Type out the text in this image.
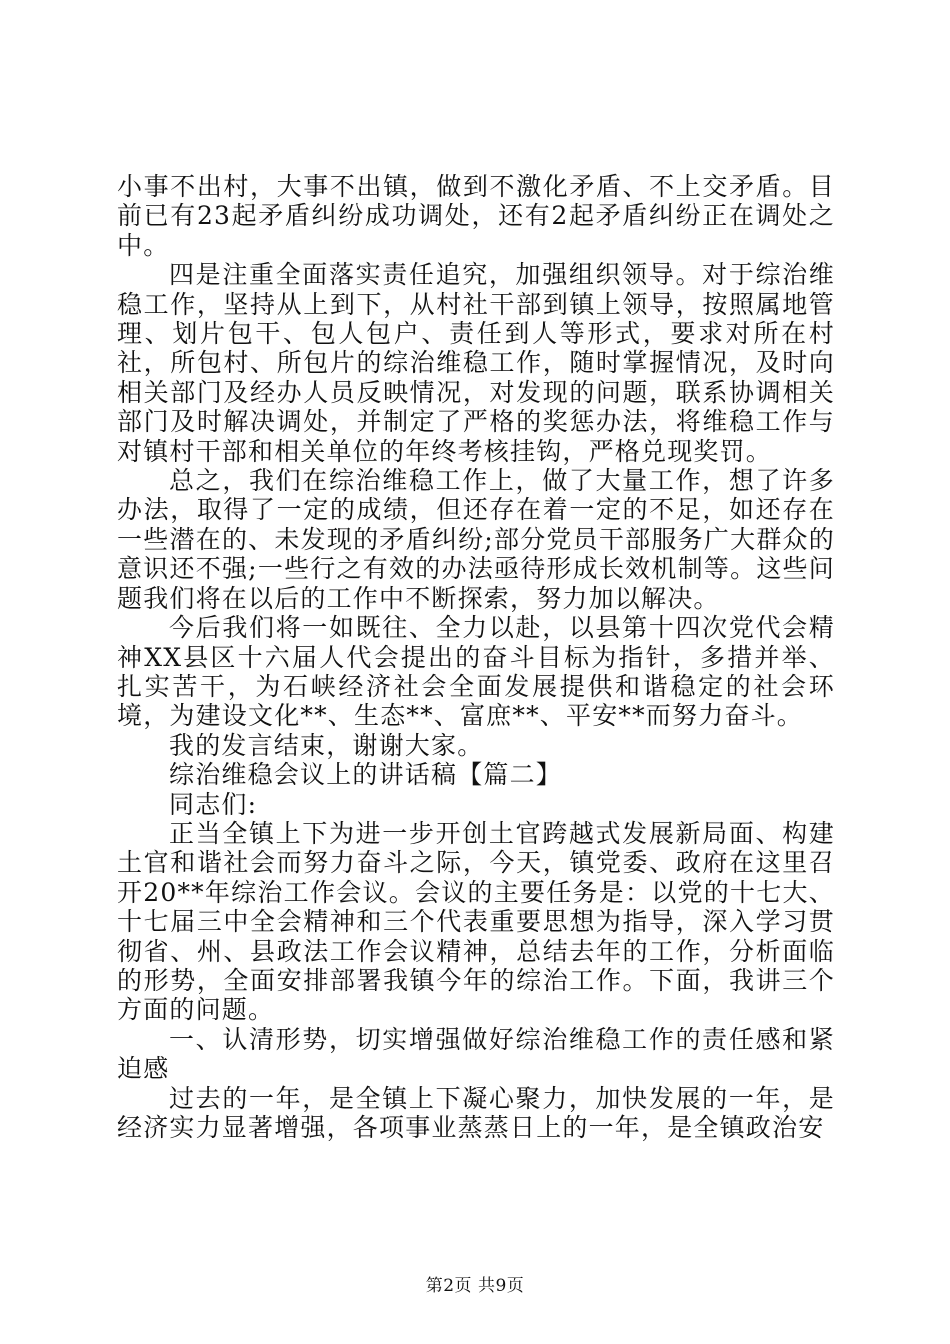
小事不出村，大事不出镇，做到不激化矛盾、不上交矛盾。目前已有23起矛盾纠纷成功调处，还有2起矛盾纠纷正在调处之中。

四是注重全面落实责任追究，加强组织领导。对于综治维稳工作，坚持从上到下，从村社干部到镇上领导，按照属地管理、划片包干、包人包户、责任到人等形式，要求对所在村社，所包村、所包片的综治维稳工作，随时掌握情况，及时向相关部门及经办人员反映情况，对发现的问题，联系协调相关部门及时解决调处，并制定了严格的奖惩办法，将维稳工作与对镇村干部和相关单位的年终考核挂钩，严格兑现奖罚。

总之，我们在综治维稳工作上，做了大量工作，想了许多办法，取得了一定的成绩，但还存在着一定的不足，如还存在一些潜在的、未发现的矛盾纠纷;部分党员干部服务广大群众的意识还不强;一些行之有效的办法亟待形成长效机制等。这些问题我们将在以后的工作中不断探索，努力加以解决。

今后我们将一如既往、全力以赴，以县第十四次党代会精神XX县区十六届人代会提出的奋斗目标为指针，多措并举、扎实苦干，为石峡经济社会全面发展提供和谐稳定的社会环境，为建设文化**、生态**、富庶**、平安**而努力奋斗。

我的发言结束，谢谢大家。

综治维稳会议上的讲话稿【篇二】

同志们:

正当全镇上下为进一步开创土官跨越式发展新局面、构建土官和谐社会而努力奋斗之际，今天，镇党委、政府在这里召开20**年综治工作会议。会议的主要任务是：以党的十七大、十七届三中全会精神和三个代表重要思想为指导，深入学习贯彻省、州、县政法工作会议精神，总结去年的工作，分析面临的形势，全面安排部署我镇今年的综治工作。下面，我讲三个方面的问题。

一、认清形势，切实增强做好综治维稳工作的责任感和紧迫感

过去的一年，是全镇上下凝心聚力，加快发展的一年，是经济实力显著增强，各项事业蒸蒸日上的一年，是全镇政治安

第2页 共9页
